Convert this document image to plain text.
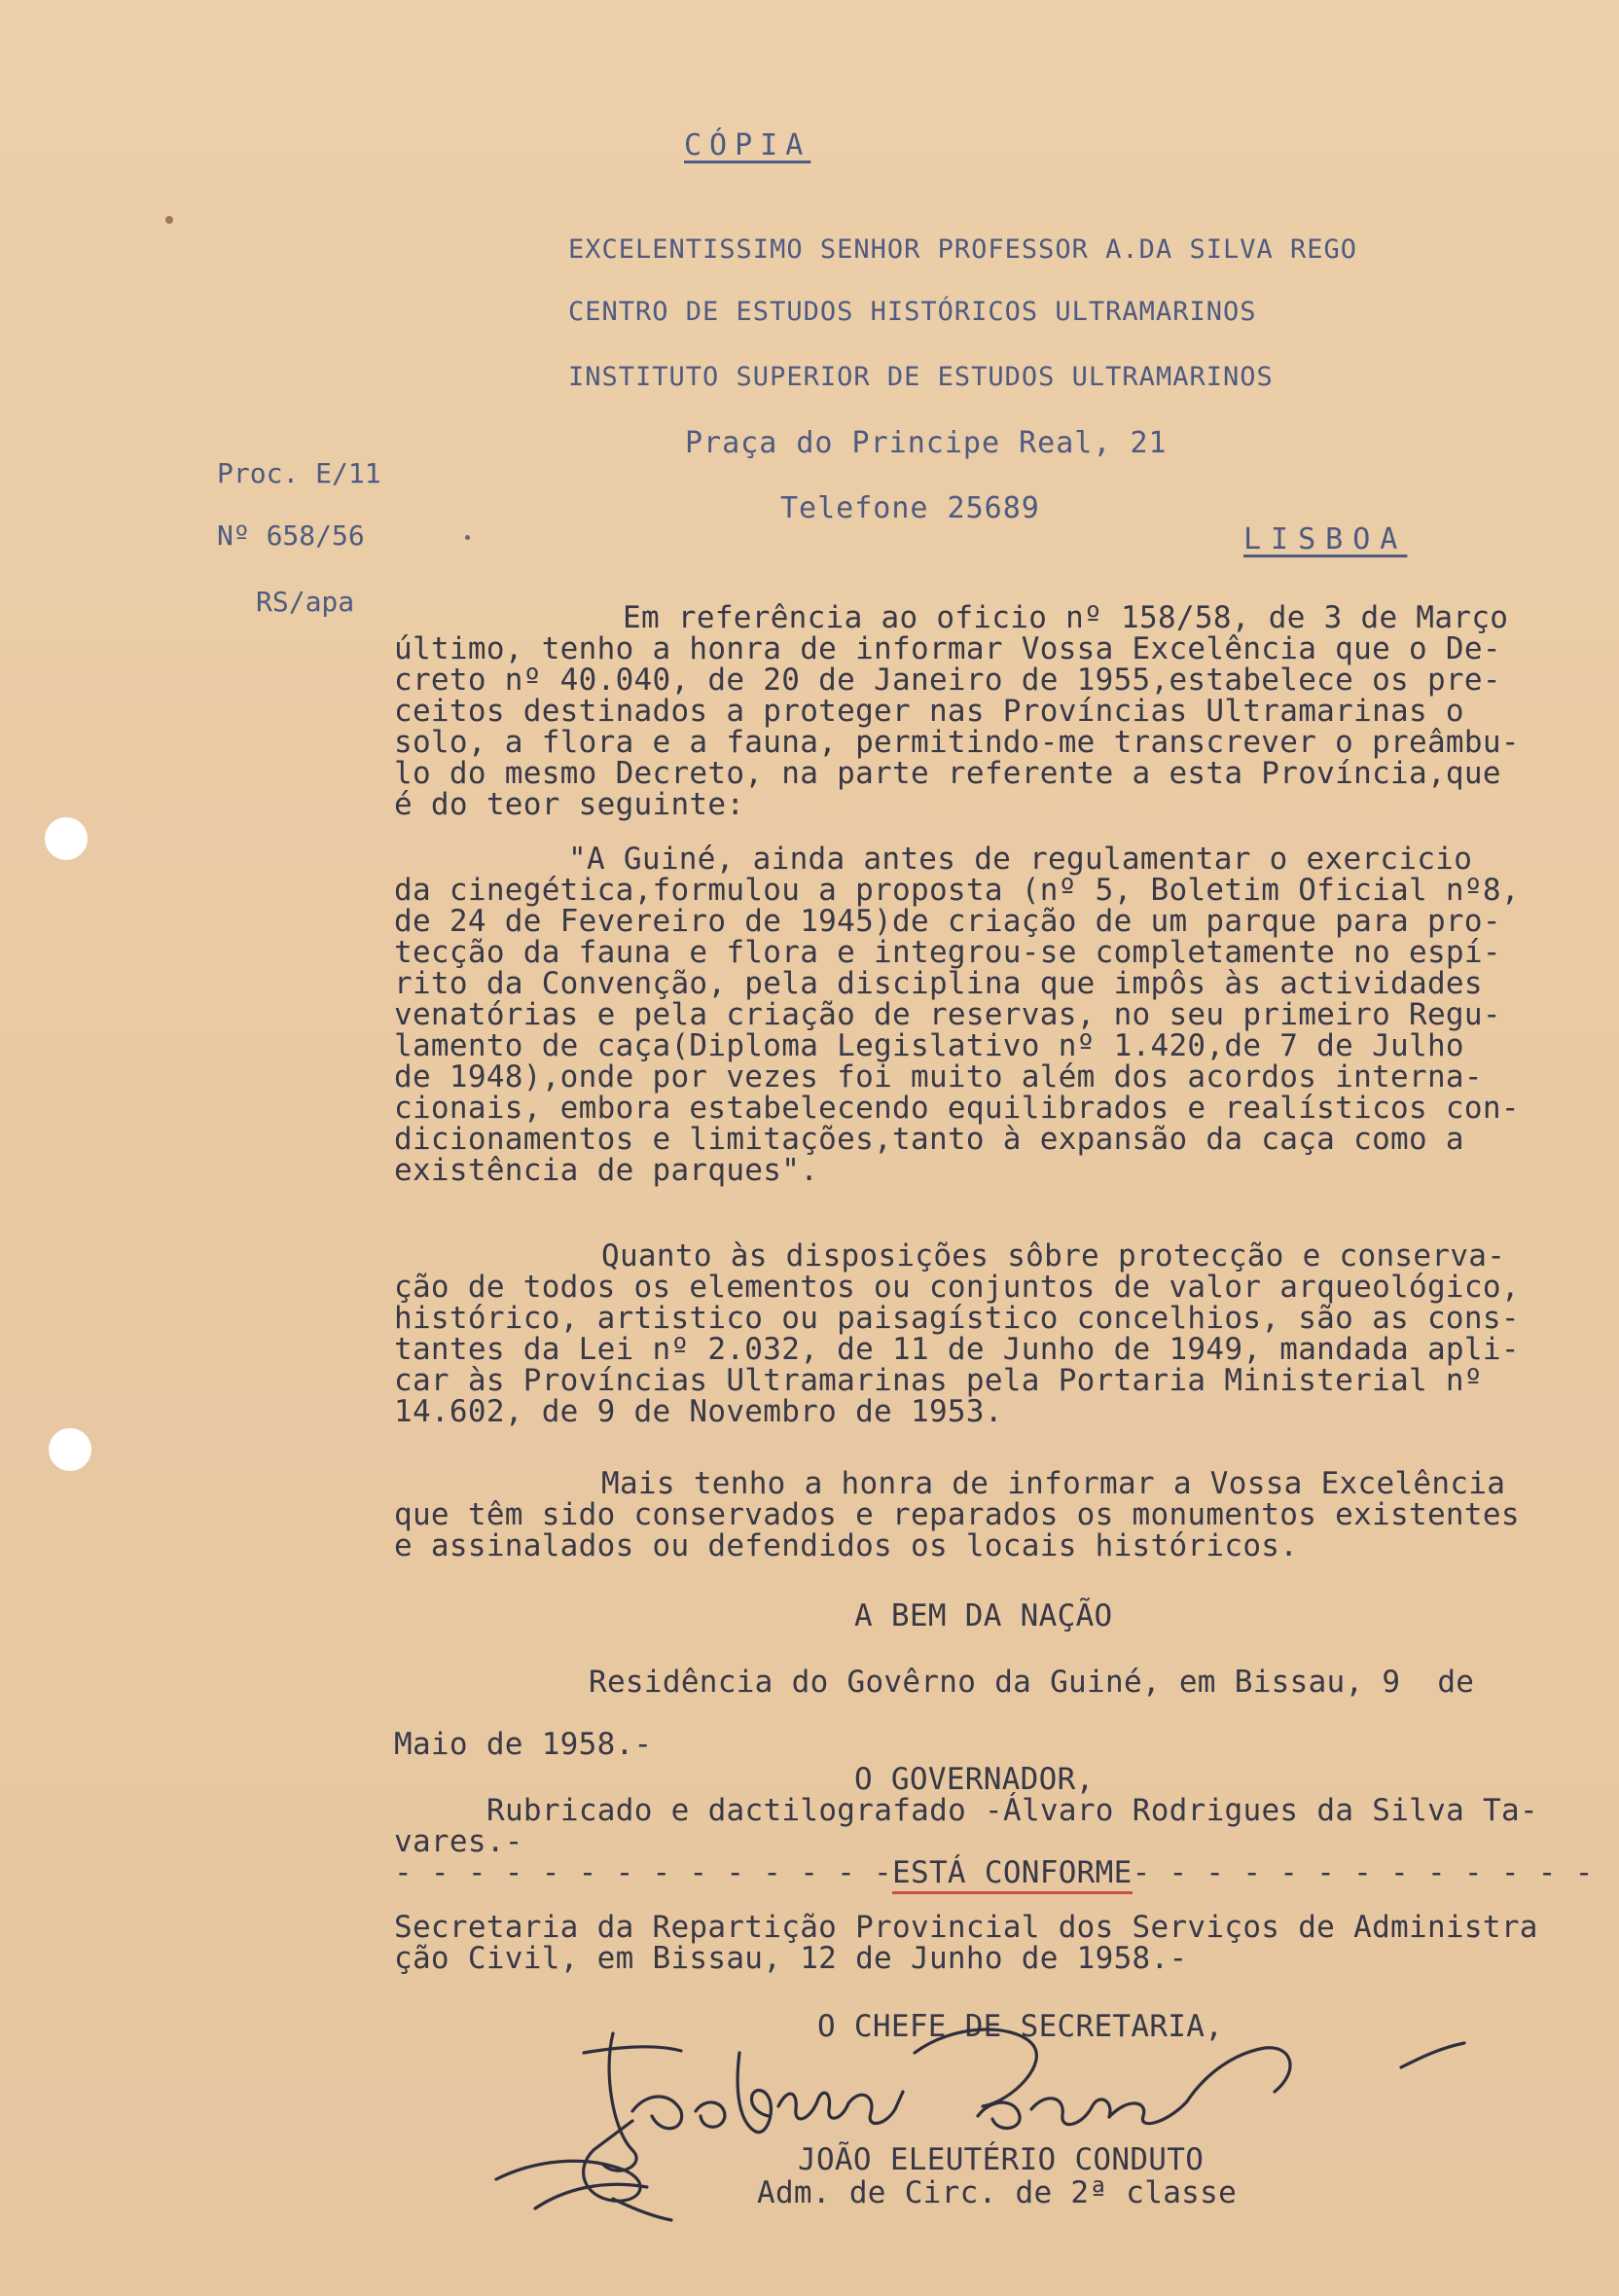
CÓPIA
EXCELENTISSIMO SENHOR PROFESSOR A.DA SILVA REGO
CENTRO DE ESTUDOS HISTÓRICOS ULTRAMARINOS
INSTITUTO SUPERIOR DE ESTUDOS ULTRAMARINOS
Praça do Principe Real, 21
Telefone 25689
LISBOA
Proc. E/11
Nº 658/56
RS/apa	Em referência ao oficio nº 158/58, de 3 de Março
último, tenho a honra de informar Vossa Excelência que o De-
creto nº 40.040, de 20 de Janeiro de 1955,estabelece os pre-
ceitos destinados a proteger nas Províncias Ultramarinas o
solo, a flora e a fauna, permitindo-me transcrever o preâmbu-
lo do mesmo Decreto, na parte referente a esta Província,que
é do teor seguinte:
"A Guiné, ainda antes de regulamentar o exercicio
da cinegética,formulou a proposta (nº 5, Boletim Oficial nº8,
de 24 de Fevereiro de 1945)de criação de um parque para pro-
tecção da fauna e flora e integrou-se completamente no espí-
rito da Convenção, pela disciplina que impôs às actividades
venatórias e pela criação de reservas, no seu primeiro Regu-
lamento de caça(Diploma Legislativo nº 1.420,de 7 de Julho
de 1948),onde por vezes foi muito além dos acordos interna-
cionais, embora estabelecendo equilibrados e realísticos con-
dicionamentos e limitações,tanto à expansão da caça como a
existência de parques".
Quanto às disposições sôbre protecção e conserva-
ção de todos os elementos ou conjuntos de valor arqueológico,
histórico, artistico ou paisagístico concelhios, são as cons-
tantes da Lei nº 2.032, de 11 de Junho de 1949, mandada apli-
car às Províncias Ultramarinas pela Portaria Ministerial nº
14.602, de 9 de Novembro de 1953.
Mais tenho a honra de informar a Vossa Excelência
que têm sido conservados e reparados os monumentos existentes
e assinalados ou defendidos os locais históricos.
A BEM DA NAÇÃO
Residência do Govêrno da Guiné, em Bissau, 9  de
Maio de 1958.-
O GOVERNADOR,
Rubricado e dactilografado -Álvaro Rodrigues da Silva Ta-
vares.-
- - - - - - - - - - - - - -ESTÁ CONFORME- - - - - - - - - - - - -
Secretaria da Repartição Provincial dos Serviços de Administra
ção Civil, em Bissau, 12 de Junho de 1958.-
O CHEFE DE SECRETARIA,
JOÃO ELEUTÉRIO CONDUTO
Adm. de Circ. de 2ª classe
